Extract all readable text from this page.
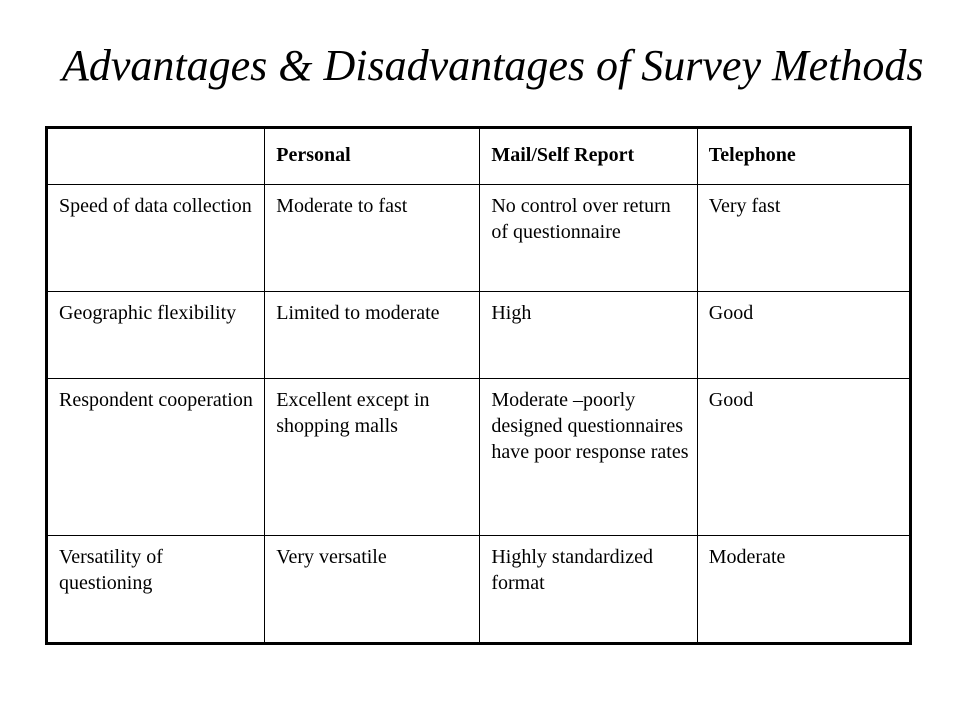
Advantages & Disadvantages of Survey Methods
	Personal	Mail/Self Report	Telephone
Speed of data collection	Moderate to fast	No control over return of questionnaire	Very fast
Geographic flexibility	Limited to moderate	High	Good
Respondent cooperation	Excellent except in shopping malls	Moderate –poorly designed questionnaires have poor response rates	Good
Versatility of questioning	Very versatile	Highly standardized format	Moderate
